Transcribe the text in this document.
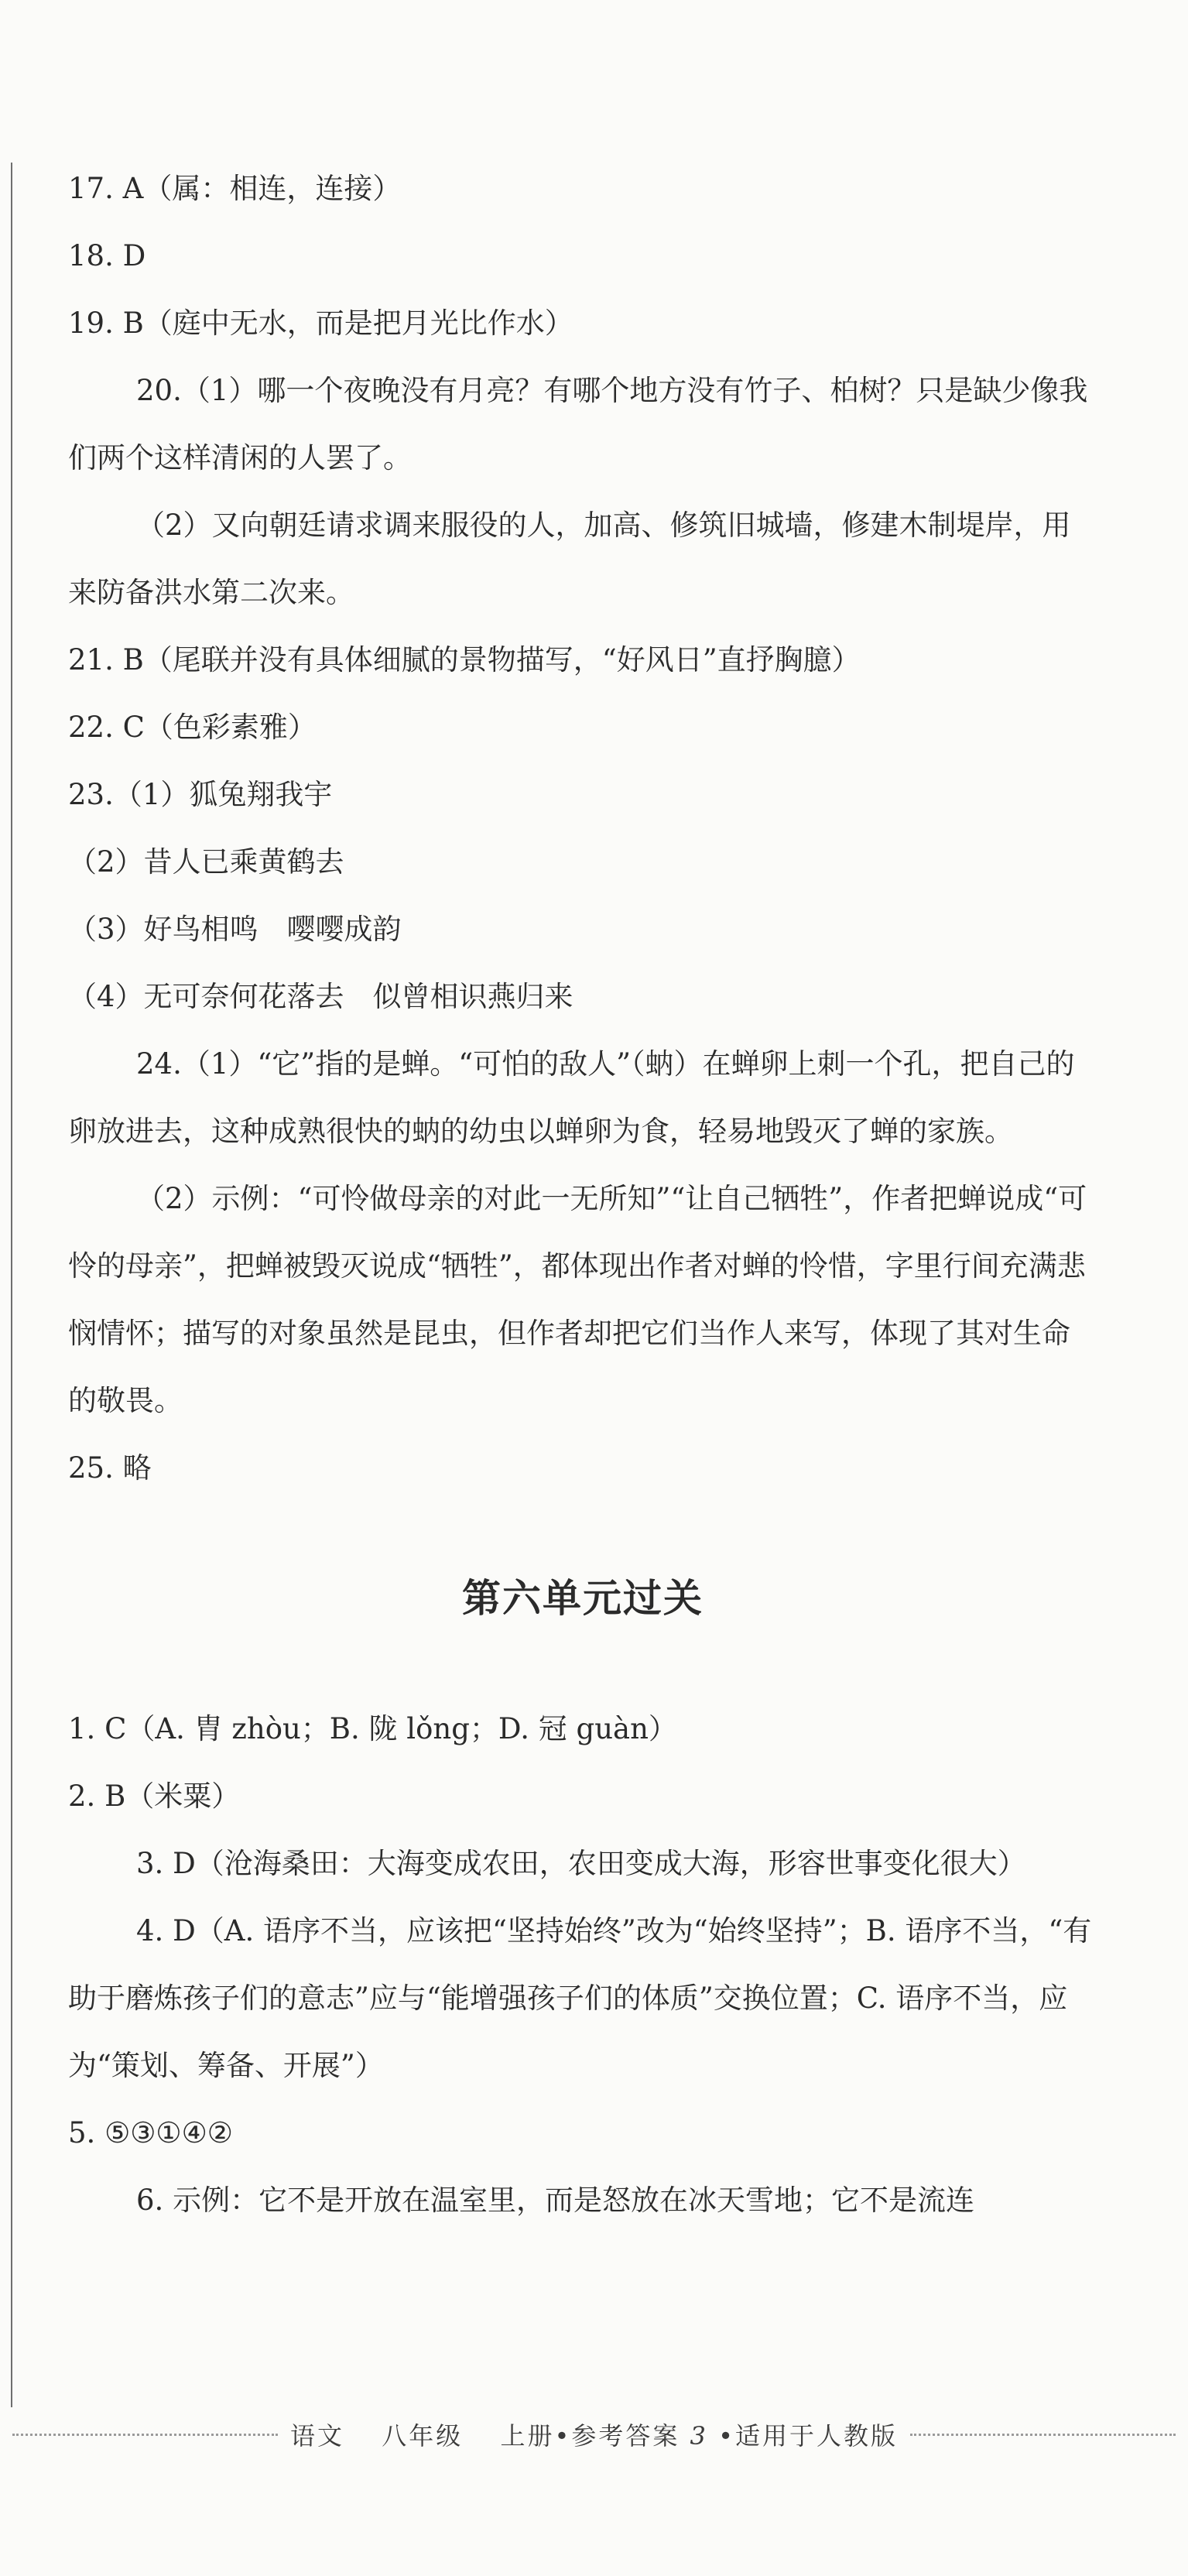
17. A（属：相连，连接）

18. D

19. B（庭中无水，而是把月光比作水）

20.（1）哪一个夜晚没有月亮？有哪个地方没有竹子、柏树？只是缺少像我们两个这样清闲的人罢了。

（2）又向朝廷请求调来服役的人，加高、修筑旧城墙，修建木制堤岸，用来防备洪水第二次来。

21. B（尾联并没有具体细腻的景物描写，“好风日”直抒胸臆）

22. C（色彩素雅）

23.（1）狐兔翔我宇

（2）昔人已乘黄鹤去

（3）好鸟相鸣　嘤嘤成韵

（4）无可奈何花落去　似曾相识燕归来

24.（1）“它”指的是蝉。“可怕的敌人”（蚋）在蝉卵上刺一个孔，把自己的卵放进去，这种成熟很快的蚋的幼虫以蝉卵为食，轻易地毁灭了蝉的家族。

（2）示例：“可怜做母亲的对此一无所知”“让自己牺牲”，作者把蝉说成“可怜的母亲”，把蝉被毁灭说成“牺牲”，都体现出作者对蝉的怜惜，字里行间充满悲悯情怀；描写的对象虽然是昆虫，但作者却把它们当作人来写，体现了其对生命的敬畏。

25. 略

第六单元过关

1. C（A. 胄 zhòu；B. 陇 lǒng；D. 冠 guàn）

2. B（米粟）

3. D（沧海桑田：大海变成农田，农田变成大海，形容世事变化很大）

4. D（A. 语序不当，应该把“坚持始终”改为“始终坚持”；B. 语序不当，“有助于磨炼孩子们的意志”应与“能增强孩子们的体质”交换位置；C. 语序不当，应为“策划、筹备、开展”）

5. ⑤③①④②

6. 示例：它不是开放在温室里，而是怒放在冰天雪地；它不是流连

语文　 八年级　 上册•参考答案 3 •适用于人教版
